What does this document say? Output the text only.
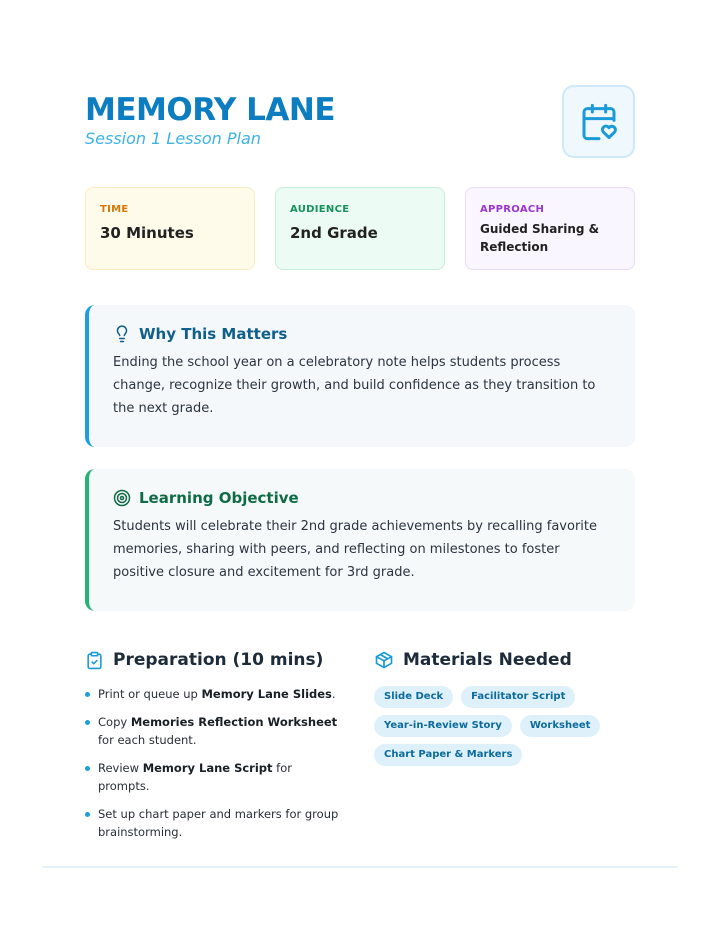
MEMORY LANE
Session 1 Lesson Plan
TIME
30 Minutes
AUDIENCE
2nd Grade
APPROACH
Guided Sharing & Reflection
Why This Matters
Ending the school year on a celebratory note helps students process change, recognize their growth, and build confidence as they transition to the next grade.
Learning Objective
Students will celebrate their 2nd grade achievements by recalling favorite memories, sharing with peers, and reflecting on milestones to foster positive closure and excitement for 3rd grade.
Preparation (10 mins)
Print or queue up Memory Lane Slides.
Copy Memories Reflection Worksheet for each student.
Review Memory Lane Script for prompts.
Set up chart paper and markers for group brainstorming.
Materials Needed
Slide Deck	Facilitator Script
Year-in-Review Story	Worksheet
Chart Paper & Markers
